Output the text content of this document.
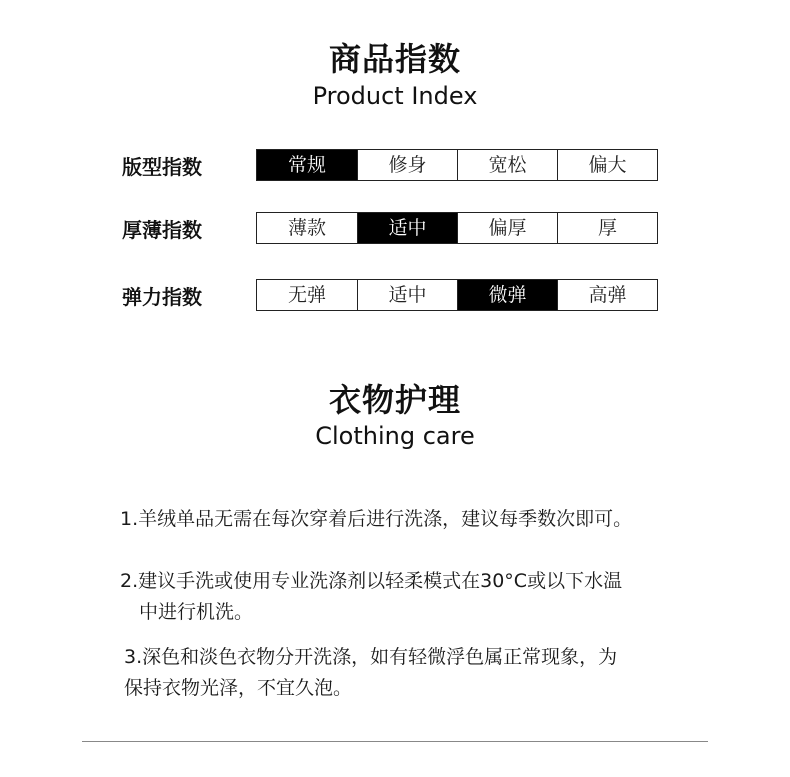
商品指数
Product Index
版型指数	常规	修身	宽松	偏大
厚薄指数	薄款	适中	偏厚	厚
弹力指数	无弹	适中	微弹	高弹
衣物护理
Clothing care
1.羊绒单品无需在每次穿着后进行洗涤，建议每季数次即可。
2.建议手洗或使用专业洗涤剂以轻柔模式在30°C或以下水温
中进行机洗。
3.深色和淡色衣物分开洗涤，如有轻微浮色属正常现象，为
保持衣物光泽，不宜久泡。
